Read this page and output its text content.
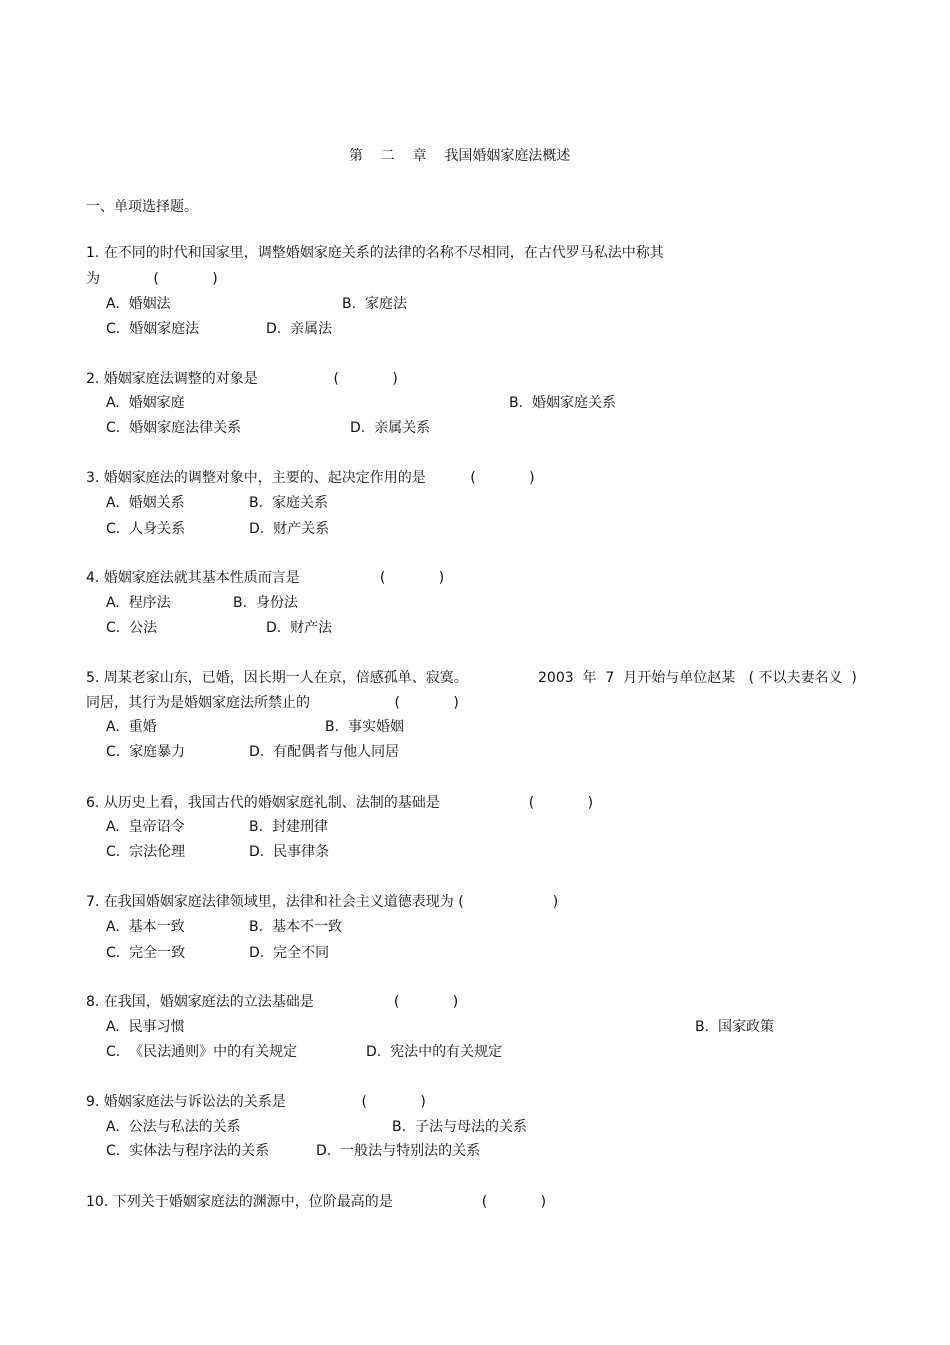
第    二    章    我国婚姻家庭法概述
一、单项选择题。
1. 在不同的时代和国家里，调整婚姻家庭关系的法律的名称不尽相同，在古代罗马私法中称其
为            (            )
A.  婚姻法	B.  家庭法
C.  婚姻家庭法	D.  亲属法
2. 婚姻家庭法调整的对象是                 (            )
A.  婚姻家庭	B.  婚姻家庭关系
C.  婚姻家庭法律关系	D.  亲属关系
3. 婚姻家庭法的调整对象中，主要的、起决定作用的是          (            )
A.  婚姻关系	B.  家庭关系
C.  人身关系	D.  财产关系
4. 婚姻家庭法就其基本性质而言是                  (            )
A.  程序法	B.  身份法
C.  公法	D.  财产法
5. 周某老家山东，已婚，因长期一人在京，倍感孤单、寂寞。	2003  年  7  月开始与单位赵某   ( 不以夫妻名义  )
同居，其行为是婚姻家庭法所禁止的                   (            )
A.  重婚	B.  事实婚姻
C.  家庭暴力	D.  有配偶者与他人同居
6. 从历史上看，我国古代的婚姻家庭礼制、法制的基础是                    (            )
A.  皇帝诏令	B.  封建刑律
C.  宗法伦理	D.  民事律条
7. 在我国婚姻家庭法律领域里，法律和社会主义道德表现为 (                    )
A.  基本一致	B.  基本不一致
C.  完全一致	D.  完全不同
8. 在我国，婚姻家庭法的立法基础是                  (            )
A.  民事习惯	B.  国家政策
C.  《民法通则》中的有关规定	D.  宪法中的有关规定
9. 婚姻家庭法与诉讼法的关系是                 (            )
A.  公法与私法的关系	B.  子法与母法的关系
C.  实体法与程序法的关系	D.  一般法与特别法的关系
10. 下列关于婚姻家庭法的渊源中，位阶最高的是                    (            )
